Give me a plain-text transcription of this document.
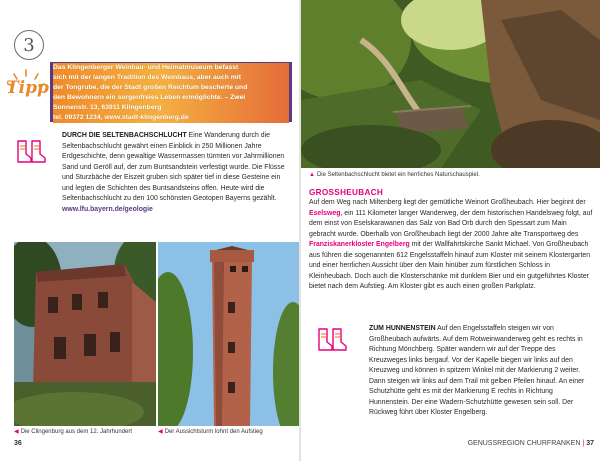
3
Tipp

Das Klingenberger Weinbau- und Heimatmuseum befasst

sich mit der langen Tradition des Weinbaus, aber auch mit

der Tongrube, die der Stadt großen Reichtum bescherte und

den Bewohnern ein sorgenfreies Leben ermöglichte. – Zwei

Sonnenstr. 13, 63911 Klingenberg

tel. 09372 1234, www.stadt-klingenberg.de

DURCH DIE SELTENBACHSCHLUCHT Eine Wanderung durch die Seltenbachschlucht gewährt einen Einblick in 250 Millionen Jahre Erdgeschichte, denn gewaltige Wassermassen türmten vor Jahrmillionen Sand und Geröll auf, der zum Buntsandstein verfestigt wurde. Die Flüsse und Sturzbäche der Eiszeit gruben sich später tief in diese Gesteine ein und legten die Schichten des Buntsandsteins offen. Heute wird die Seltenbachschlucht zu den 100 schönsten Geotopen Bayerns gezählt. www.lfu.bayern.de/geologie
◀ Die Clingenburg aus dem 12. Jahrhundert	◀ Der Aussichtsturm lohnt den Aufstieg
36
▲ Die Seltenbachschlucht bietet ein herrliches Naturschauspiel.
GROSSHEUBACH
Auf dem Weg nach Miltenberg liegt der gemütliche Weinort Großheubach. Hier beginnt der Eselsweg, ein 111 Kilometer langer Wanderweg, der dem historischen Handelsweg folgt, auf dem einst von Eselskarawanen das Salz von Bad Orb durch den Spessart zum Main gebracht wurde. Oberhalb von Großheubach liegt der 2000 Jahre alte Transportweg des Franziskanerkloster Engelberg mit der Wallfahrtskirche Sankt Michael. Von Großheubach aus führen die sogenannten 612 Engelsstaffeln hinauf zum Kloster mit seinem Klostergarten und einer herrlichen Aussicht über den Main hinüber zum fürstlichen Schloss in Kleinheubach. Doch auch die Klosterschänke mit dunklem Bier und ein gutgeführtes Kloster bietet nach dem Aufstieg. Am Kloster gibt es auch einen großen Parkplatz.
ZUM HUNNENSTEIN Auf den Engelsstaffeln steigen wir von Großheubach aufwärts. Auf dem Rotweinwanderweg geht es rechts in Richtung Mönchberg. Später wandern wir auf der Treppe des Kreuzweges links bergauf. Vor der Kapelle biegen wir links auf den Kreuzweg und können in spitzem Winkel mit der Markierung 2 weiter. Dann steigen wir links auf dem Trail mit gelben Pfeilen hinauf. An einer Schutzhütte geht es mit der Markierung E rechts in Richtung Hunnenstein. Der eine Wadern-Schutzhütte gewesen sein soll. Der Rückweg führt über Kloster Engelberg.
GENUSSREGION CHURFRANKEN | 37
